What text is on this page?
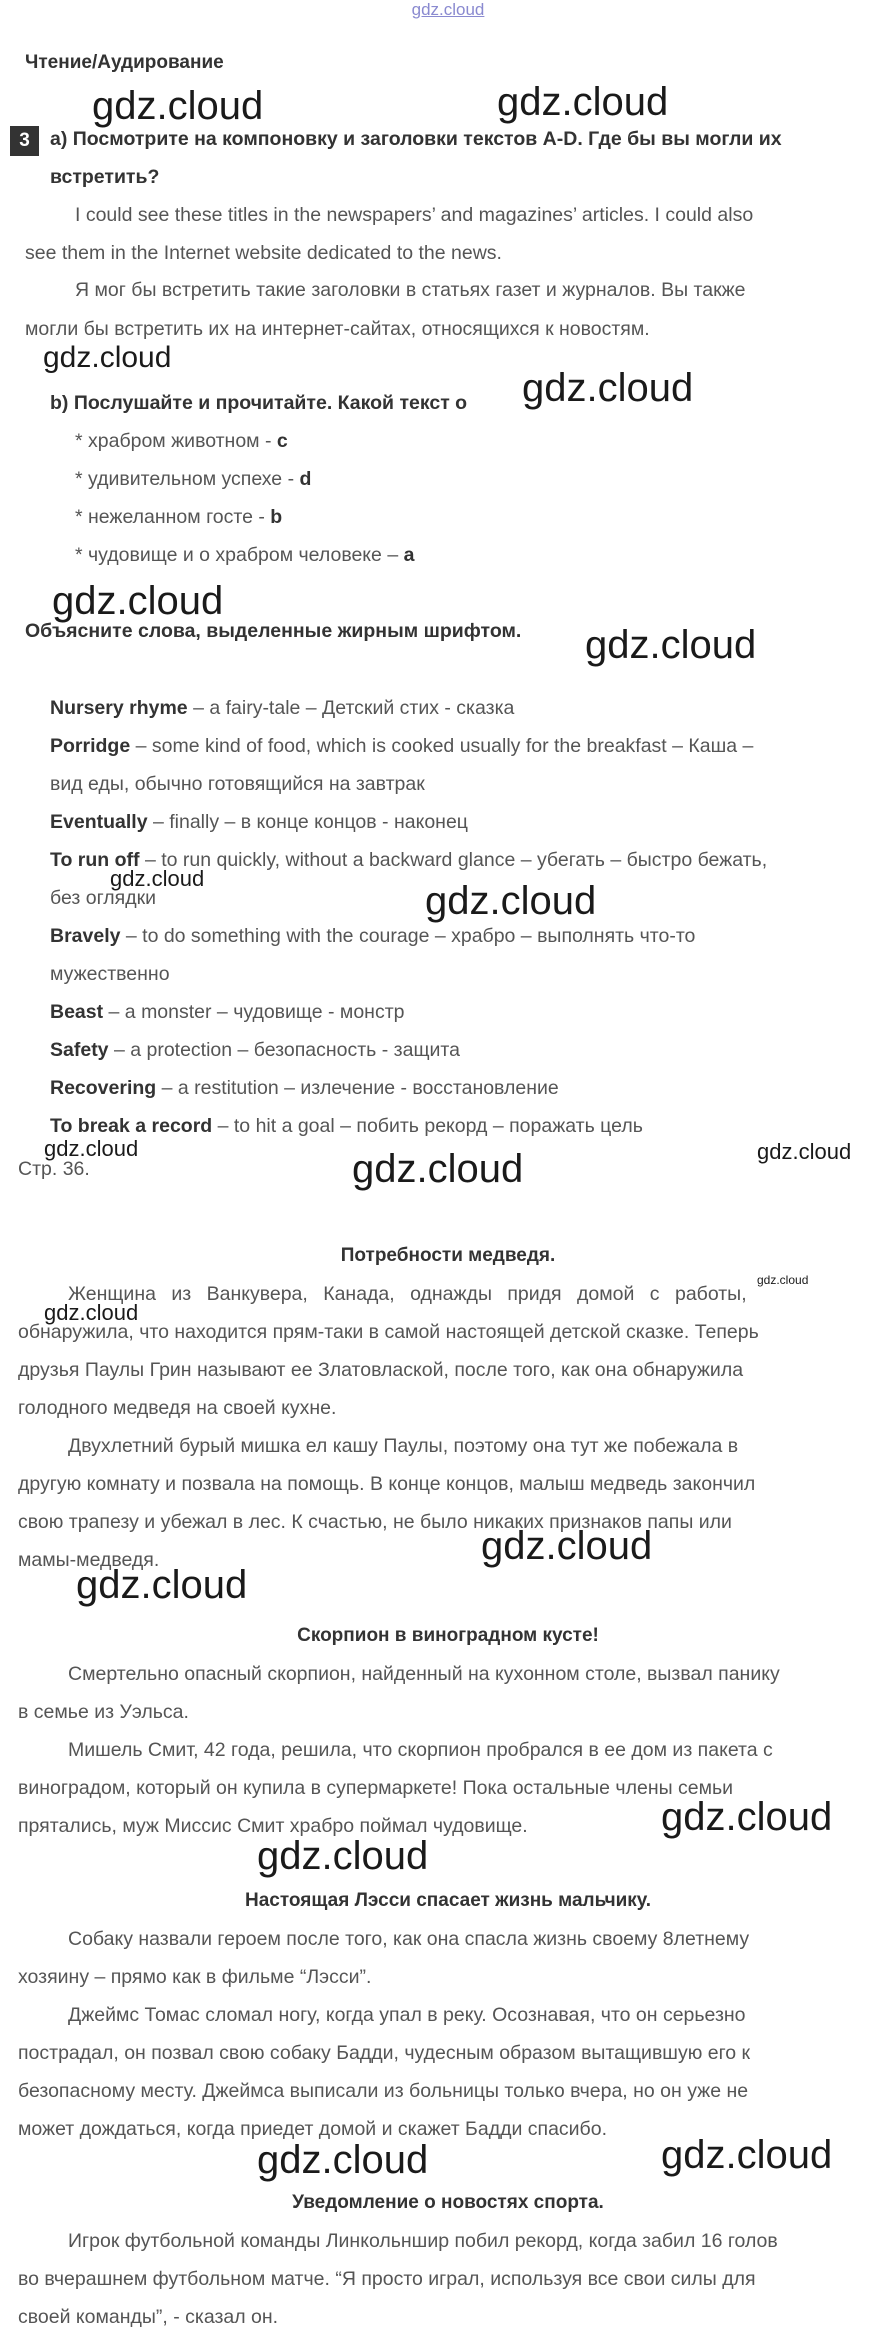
gdz.cloud
Чтение/Аудирование
3	a) Посмотрите на компоновку и заголовки текстов A-D. Где бы вы могли их
встретить?
I could see these titles in the newspapers’ and magazines’ articles. I could also
see them in the Internet website dedicated to the news.
Я мог бы встретить такие заголовки в статьях газет и журналов. Вы также
могли бы встретить их на интернет-сайтах, относящихся к новостям.
b) Послушайте и прочитайте. Какой текст о
* храбром животном - c
* удивительном успехе - d
* нежеланном госте - b
* чудовище и о храбром человеке – a
Объясните слова, выделенные жирным шрифтом.
Nursery rhyme – a fairy-tale – Детский стих - сказка
Porridge – some kind of food, which is cooked usually for the breakfast – Каша –
вид еды, обычно готовящийся на завтрак
Eventually – finally – в конце концов - наконец
To run off – to run quickly, without a backward glance – убегать – быстро бежать,
без оглядки
Bravely – to do something with the courage – храбро – выполнять что-то
мужественно
Beast – a monster – чудовище - монстр
Safety – a protection – безопасность - защита
Recovering – a restitution – излечение - восстановление
To break a record – to hit a goal – побить рекорд – поражать цель
Стр. 36.
Потребности медведя.
Женщина из Ванкувера, Канада, однажды придя домой с работы,
обнаружила, что находится прям-таки в самой настоящей детской сказке. Теперь
друзья Паулы Грин называют ее Златовлаской, после того, как она обнаружила
голодного медведя на своей кухне.
Двухлетний бурый мишка ел кашу Паулы, поэтому она тут же побежала в
другую комнату и позвала на помощь. В конце концов, малыш медведь закончил
свою трапезу и убежал в лес. К счастью, не было никаких признаков папы или
мамы-медведя.
Скорпион в виноградном кусте!
Смертельно опасный скорпион, найденный на кухонном столе, вызвал панику
в семье из Уэльса.
Мишель Смит, 42 года, решила, что скорпион пробрался в ее дом из пакета с
виноградом, который он купила в супермаркете! Пока остальные члены семьи
прятались, муж Миссис Смит храбро поймал чудовище.
Настоящая Лэсси спасает жизнь мальчику.
Собаку назвали героем после того, как она спасла жизнь своему 8летнему
хозяину – прямо как в фильме “Лэсси”.
Джеймс Томас сломал ногу, когда упал в реку. Осознавая, что он серьезно
пострадал, он позвал свою собаку Бадди, чудесным образом вытащившую его к
безопасному месту. Джеймса выписали из больницы только вчера, но он уже не
может дождаться, когда приедет домой и скажет Бадди спасибо.
Уведомление о новостях спорта.
Игрок футбольной команды Линкольншир побил рекорд, когда забил 16 голов
во вчерашнем футбольном матче. “Я просто играл, используя все свои силы для
своей команды”, - сказал он.
gdz.cloud	gdz.cloud
gdz.cloud
gdz.cloud
gdz.cloud
gdz.cloud
gdz.cloud
gdz.cloud
gdz.cloud	gdz.cloud
gdz.cloud
gdz.cloud
gdz.cloud
gdz.cloud
gdz.cloud
gdz.cloud
gdz.cloud
gdz.cloud	gdz.cloud
